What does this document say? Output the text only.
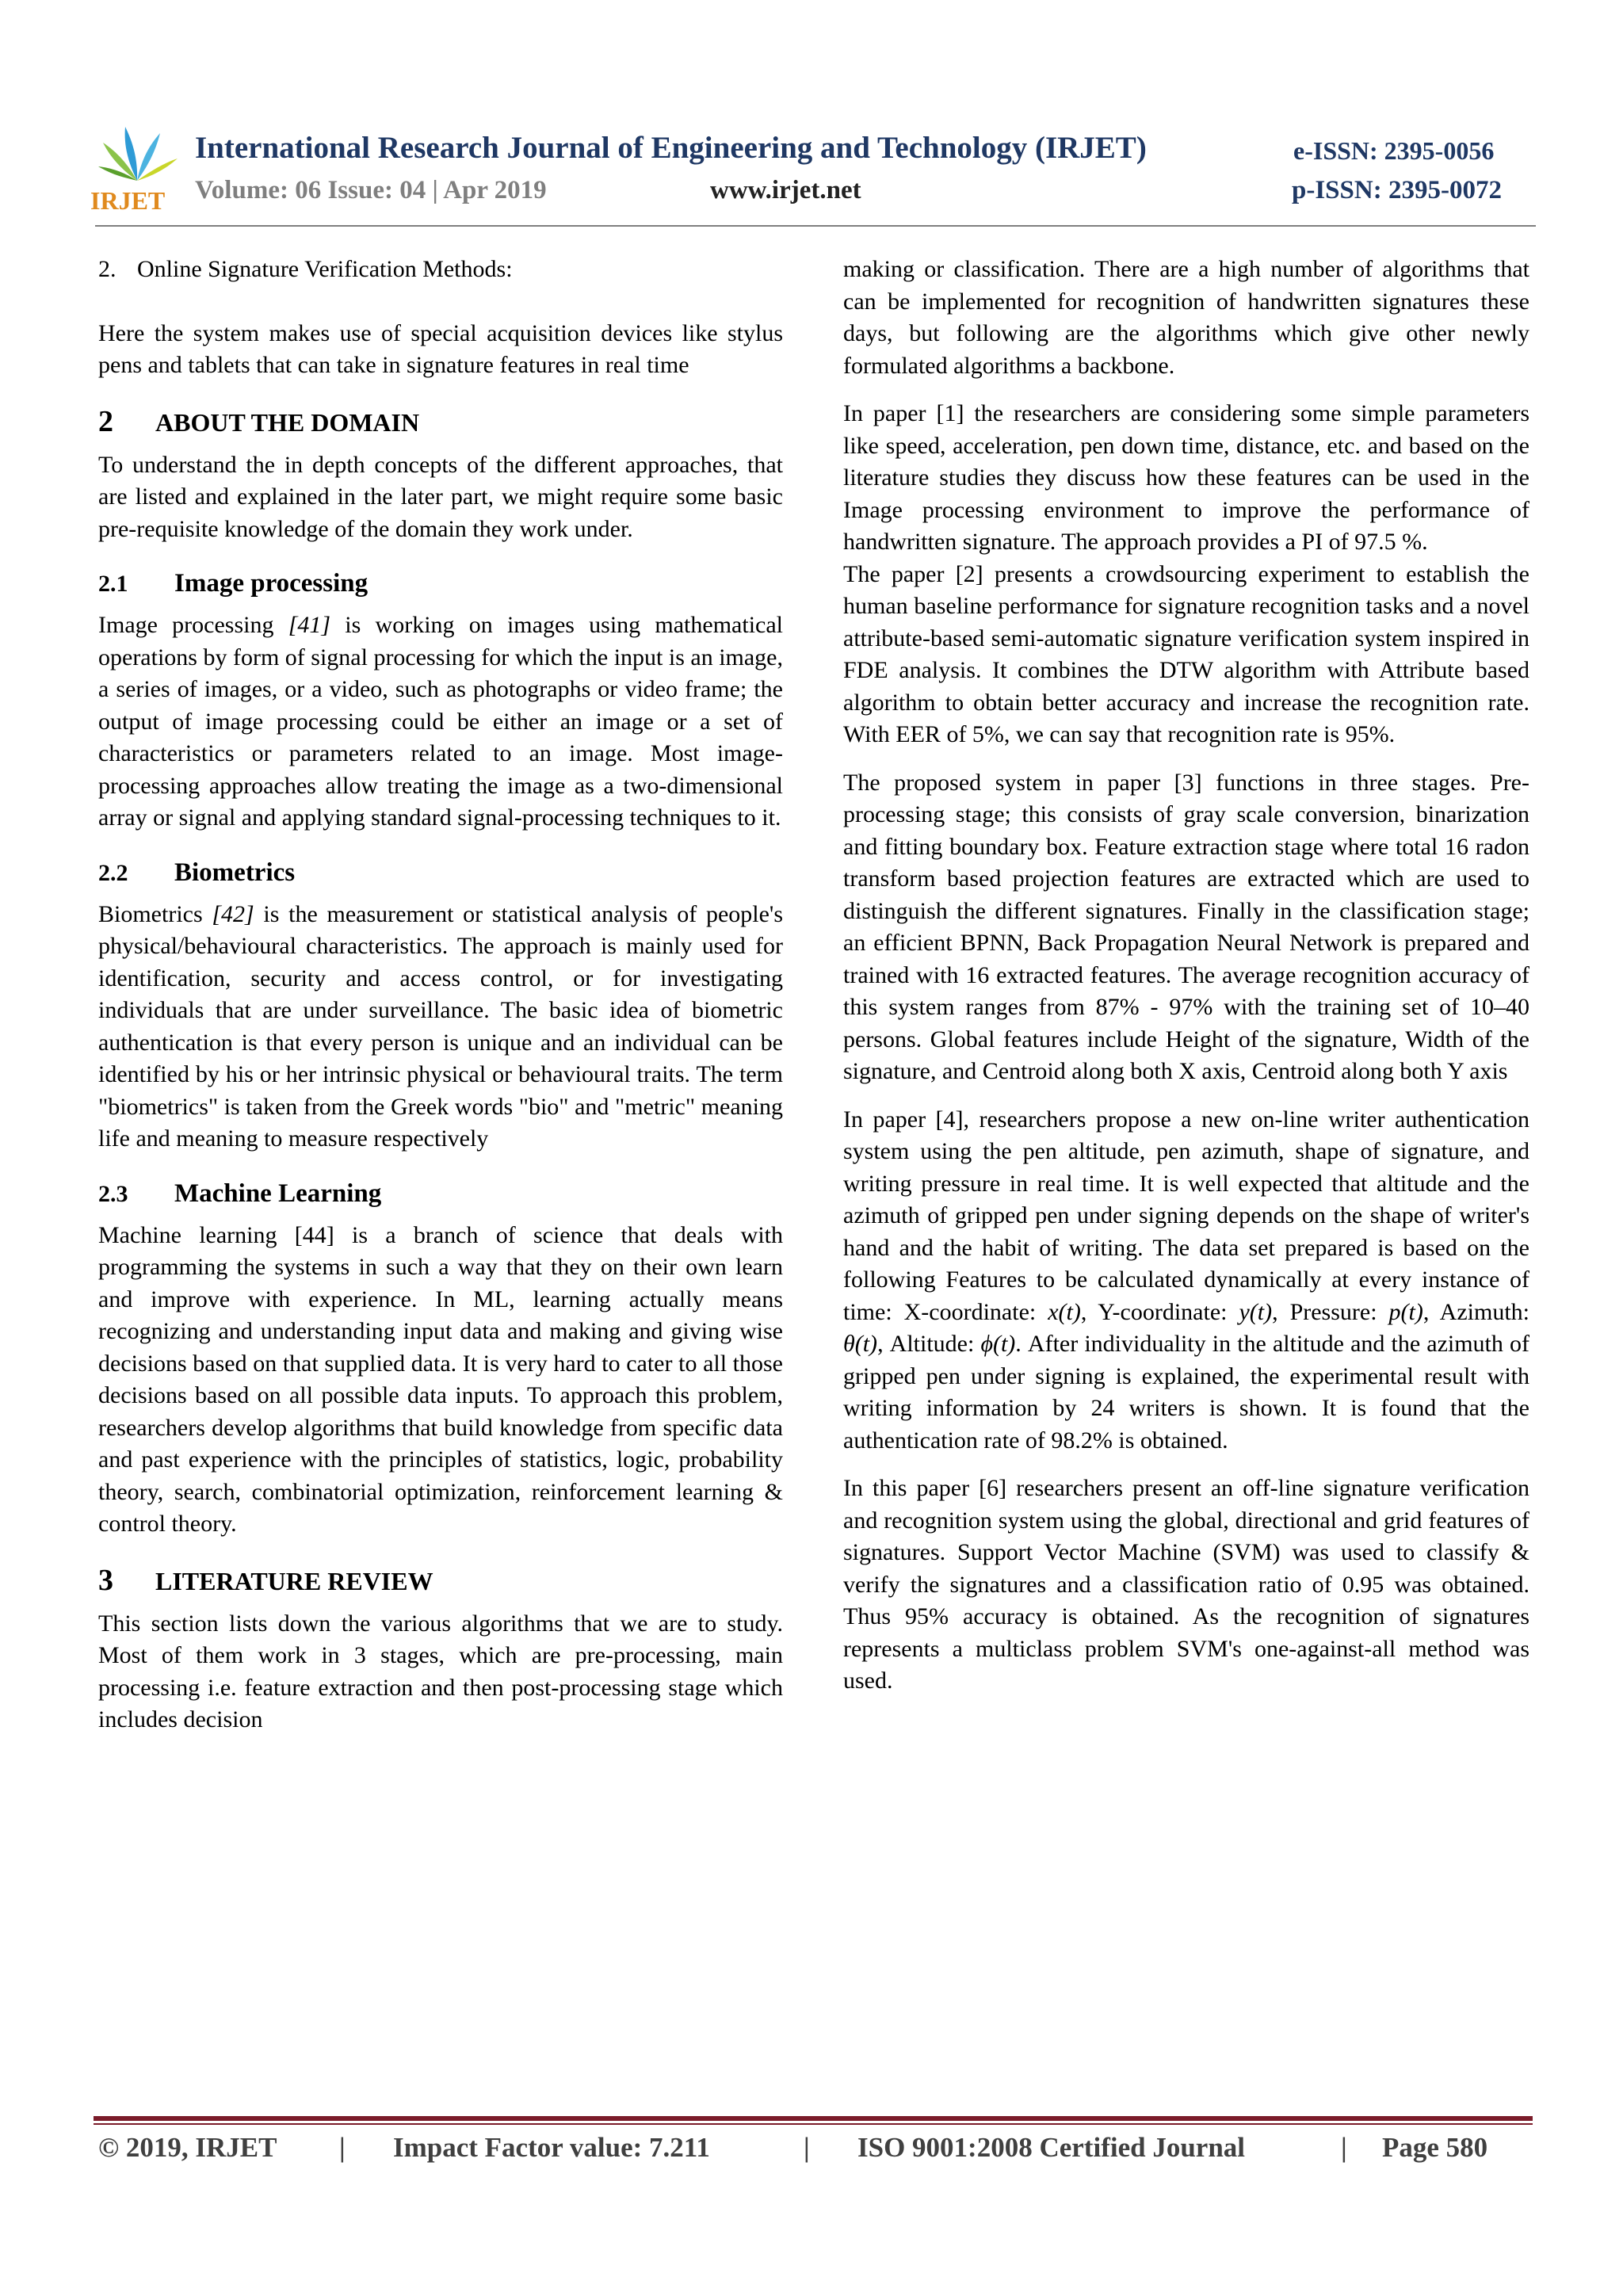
IRJET
International Research Journal of Engineering and Technology (IRJET)	e-ISSN: 2395-0056
Volume: 06 Issue: 04 | Apr 2019	www.irjet.net	p-ISSN: 2395-0072
2. Online Signature Verification Methods:

Here the system makes use of special acquisition devices like stylus pens and tablets that can take in signature features in real time

2 ABOUT THE DOMAIN

To understand the in depth concepts of the different approaches, that are listed and explained in the later part, we might require some basic pre-requisite knowledge of the domain they work under.

2.1 Image processing

Image processing [41] is working on images using mathematical operations by form of signal processing for which the input is an image, a series of images, or a video, such as photographs or video frame; the output of image processing could be either an image or a set of characteristics or parameters related to an image. Most image-processing approaches allow treating the image as a two-dimensional array or signal and applying standard signal-processing techniques to it.

2.2 Biometrics

Biometrics [42] is the measurement or statistical analysis of people's physical/behavioural characteristics. The approach is mainly used for identification, security and access control, or for investigating individuals that are under surveillance. The basic idea of biometric authentication is that every person is unique and an individual can be identified by his or her intrinsic physical or behavioural traits. The term "biometrics" is taken from the Greek words "bio" and "metric" meaning life and meaning to measure respectively

2.3 Machine Learning

Machine learning [44] is a branch of science that deals with programming the systems in such a way that they on their own learn and improve with experience. In ML, learning actually means recognizing and understanding input data and making and giving wise decisions based on that supplied data. It is very hard to cater to all those decisions based on all possible data inputs. To approach this problem, researchers develop algorithms that build knowledge from specific data and past experience with the principles of statistics, logic, probability theory, search, combinatorial optimization, reinforcement learning & control theory.

3 LITERATURE REVIEW

This section lists down the various algorithms that we are to study. Most of them work in 3 stages, which are pre-processing, main processing i.e. feature extraction and then post-processing stage which includes decision

making or classification. There are a high number of algorithms that can be implemented for recognition of handwritten signatures these days, but following are the algorithms which give other newly formulated algorithms a backbone.

In paper [1] the researchers are considering some simple parameters like speed, acceleration, pen down time, distance, etc. and based on the literature studies they discuss how these features can be used in the Image processing environment to improve the performance of handwritten signature. The approach provides a PI of 97.5 %.

The paper [2] presents a crowdsourcing experiment to establish the human baseline performance for signature recognition tasks and a novel attribute-based semi-automatic signature verification system inspired in FDE analysis. It combines the DTW algorithm with Attribute based algorithm to obtain better accuracy and increase the recognition rate. With EER of 5%, we can say that recognition rate is 95%.

The proposed system in paper [3] functions in three stages. Pre-processing stage; this consists of gray scale conversion, binarization and fitting boundary box. Feature extraction stage where total 16 radon transform based projection features are extracted which are used to distinguish the different signatures. Finally in the classification stage; an efficient BPNN, Back Propagation Neural Network is prepared and trained with 16 extracted features. The average recognition accuracy of this system ranges from 87% - 97% with the training set of 10–40 persons. Global features include Height of the signature, Width of the signature, and Centroid along both X axis, Centroid along both Y axis

In paper [4], researchers propose a new on-line writer authentication system using the pen altitude, pen azimuth, shape of signature, and writing pressure in real time. It is well expected that altitude and the azimuth of gripped pen under signing depends on the shape of writer's hand and the habit of writing. The data set prepared is based on the following Features to be calculated dynamically at every instance of time: X-coordinate: x(t), Y-coordinate: y(t), Pressure: p(t), Azimuth: θ(t), Altitude: ϕ(t). After individuality in the altitude and the azimuth of gripped pen under signing is explained, the experimental result with writing information by 24 writers is shown. It is found that the authentication rate of 98.2% is obtained.

In this paper [6] researchers present an off-line signature verification and recognition system using the global, directional and grid features of signatures. Support Vector Machine (SVM) was used to classify & verify the signatures and a classification ratio of 0.95 was obtained. Thus 95% accuracy is obtained. As the recognition of signatures represents a multiclass problem SVM's one-against-all method was used.

© 2019, IRJET | Impact Factor value: 7.211	| ISO 9001:2008 Certified Journal	| Page 580
